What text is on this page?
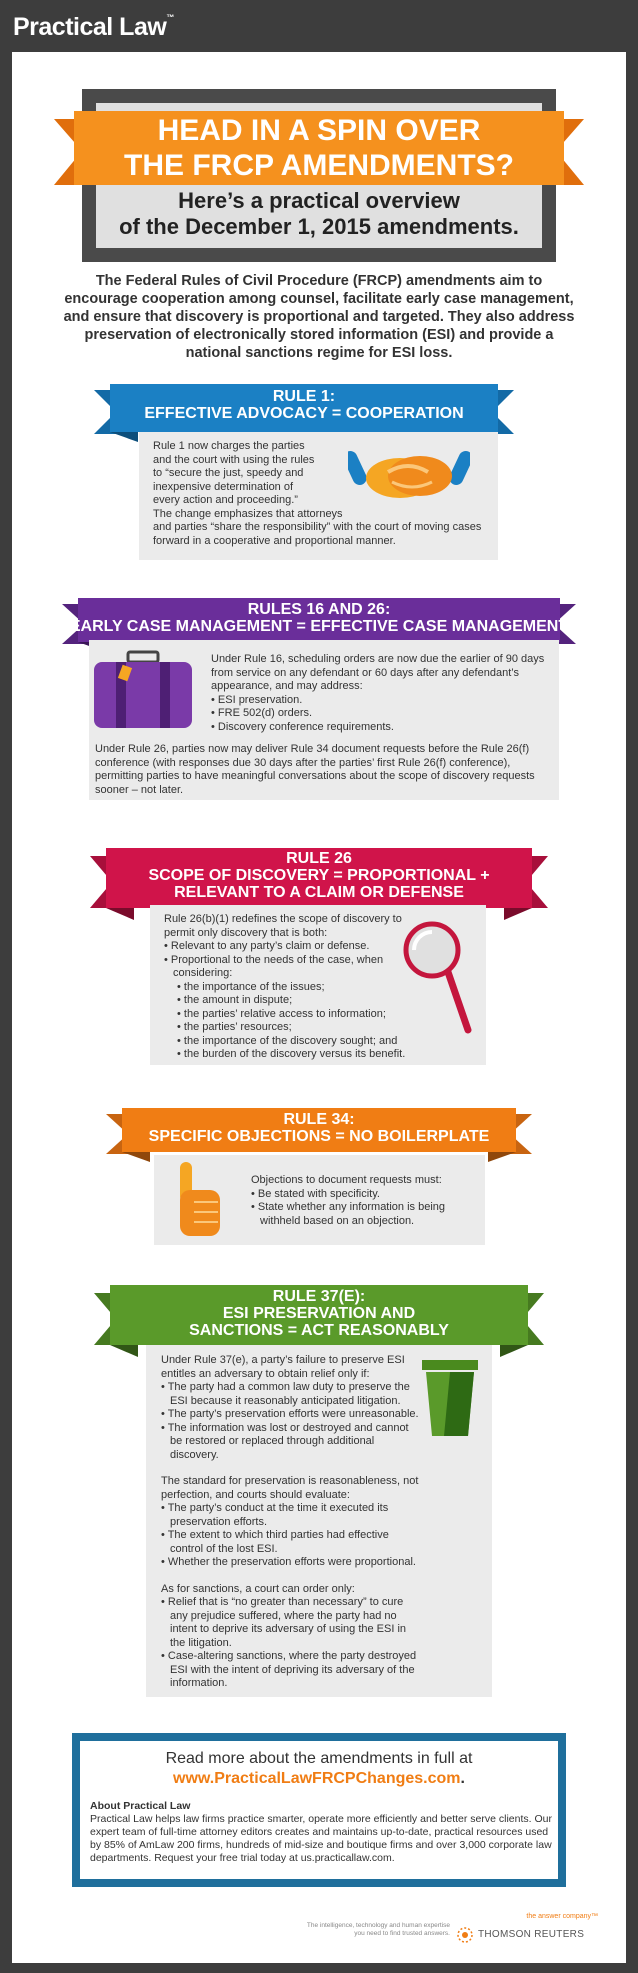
Practical Law™
HEAD IN A SPIN OVER
THE FRCP AMENDMENTS?
Here’s a practical overview
of the December 1, 2015 amendments.
The Federal Rules of Civil Procedure (FRCP) amendments aim to encourage cooperation among counsel, facilitate early case management, and ensure that discovery is proportional and targeted. They also address preservation of electronically stored information (ESI) and provide a national sanctions regime for ESI loss.
RULE 1:
EFFECTIVE ADVOCACY = COOPERATION
Rule 1 now charges the parties
and the court with using the rules
to “secure the just, speedy and
inexpensive determination of
every action and proceeding.”
The change emphasizes that attorneys
and parties “share the responsibility” with the court of moving cases
forward in a cooperative and proportional manner.
RULES 16 AND 26:
EARLY CASE MANAGEMENT = EFFECTIVE CASE MANAGEMENT
Under Rule 16, scheduling orders are now due the earlier of 90 days from service on any defendant or 60 days after any defendant’s appearance, and may address:
• ESI preservation.
• FRE 502(d) orders.
• Discovery conference requirements.
Under Rule 26, parties now may deliver Rule 34 document requests before the Rule 26(f) conference (with responses due 30 days after the parties’ first Rule 26(f) conference), permitting parties to have meaningful conversations about the scope of discovery requests sooner – not later.
RULE 26
SCOPE OF DISCOVERY = PROPORTIONAL +
RELEVANT TO A CLAIM OR DEFENSE
Rule 26(b)(1) redefines the scope of discovery to permit only discovery that is both:
• Relevant to any party’s claim or defense.
• Proportional to the needs of the case, when considering:
• the importance of the issues;
• the amount in dispute;
• the parties’ relative access to information;
• the parties’ resources;
• the importance of the discovery sought; and
• the burden of the discovery versus its benefit.
RULE 34:
SPECIFIC OBJECTIONS = NO BOILERPLATE
Objections to document requests must:
• Be stated with specificity.
• State whether any information is being withheld based on an objection.
RULE 37(E):
ESI PRESERVATION AND
SANCTIONS = ACT REASONABLY
Under Rule 37(e), a party’s failure to preserve ESI entitles an adversary to obtain relief only if:
• The party had a common law duty to preserve the ESI because it reasonably anticipated litigation.
• The party’s preservation efforts were unreasonable.
• The information was lost or destroyed and cannot be restored or replaced through additional discovery.
The standard for preservation is reasonableness, not perfection, and courts should evaluate:
• The party’s conduct at the time it executed its preservation efforts.
• The extent to which third parties had effective control of the lost ESI.
• Whether the preservation efforts were proportional.
As for sanctions, a court can order only:
• Relief that is “no greater than necessary” to cure any prejudice suffered, where the party had no intent to deprive its adversary of using the ESI in the litigation.
• Case-altering sanctions, where the party destroyed ESI with the intent of depriving its adversary of the information.
Read more about the amendments in full at
www.PracticalLawFRCPChanges.com.
About Practical Law
Practical Law helps law firms practice smarter, operate more efficiently and better serve clients. Our expert team of full-time attorney editors creates and maintains up-to-date, practical resources used by 85% of AmLaw 200 firms, hundreds of mid-size and boutique firms and over 3,000 corporate law departments. Request your free trial today at us.practicallaw.com.
The intelligence, technology and human expertise
you need to find trusted answers.
the answer company™
THOMSON REUTERS
